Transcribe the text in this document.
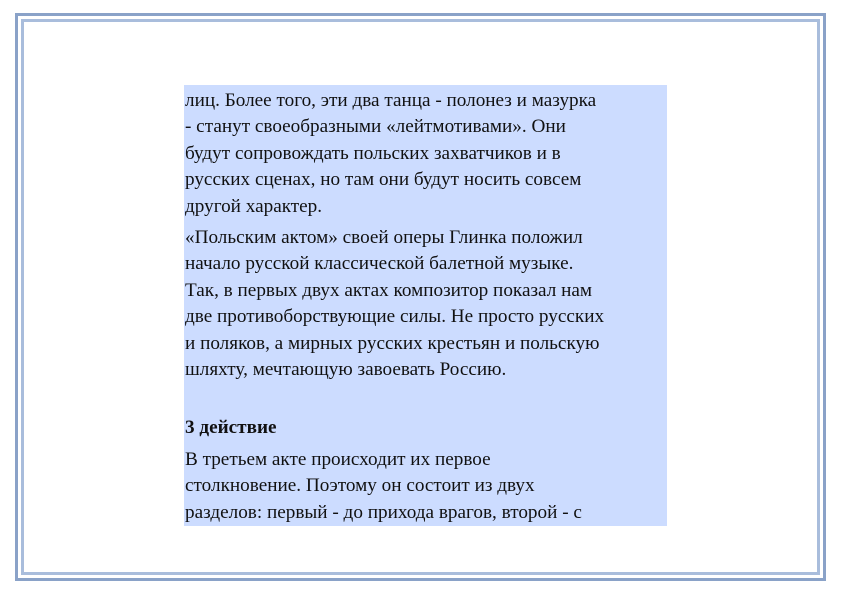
лиц. Более того, эти два танца - полонез и мазурка
- станут своеобразными «лейтмотивами». Они
будут сопровождать польских захватчиков и в
русских сценах, но там они будут носить совсем
другой характер.

«Польским актом» своей оперы Глинка положил
начало русской классической балетной музыке.
Так, в первых двух актах композитор показал нам
две противоборствующие силы. Не просто русских
и поляков, а мирных русских крестьян и польскую
шляхту, мечтающую завоевать Россию.

3 действие

В третьем акте происходит их первое
столкновение. Поэтому он состоит из двух
разделов: первый - до прихода врагов, второй - с
